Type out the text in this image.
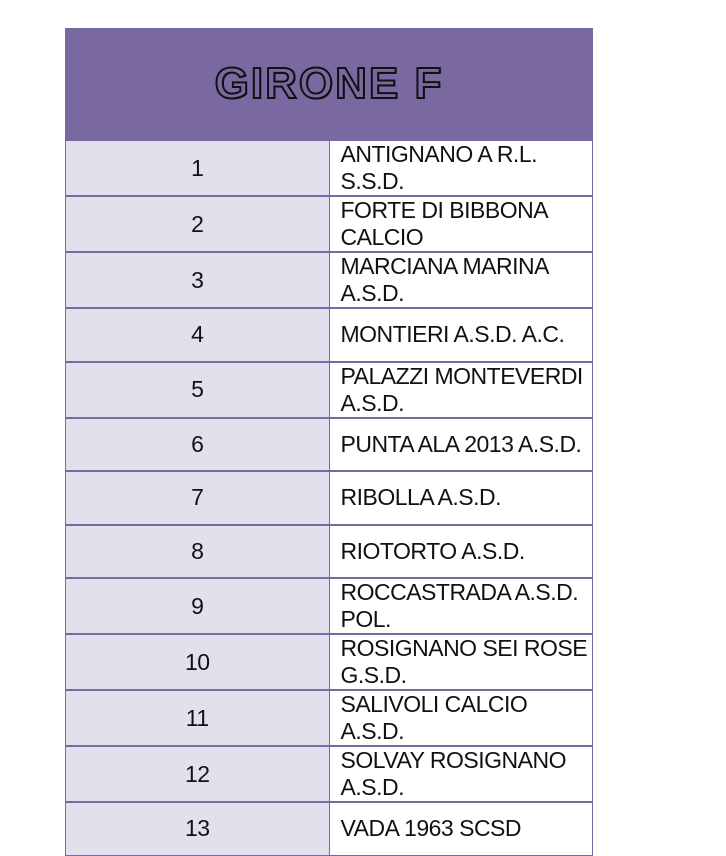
GIRONE F	
1	ANTIGNANO A R.L. S.S.D.
2	FORTE DI BIBBONA CALCIO
3	MARCIANA MARINA A.S.D.
4	MONTIERI A.S.D. A.C.
5	PALAZZI MONTEVERDI A.S.D.
6	PUNTA ALA 2013 A.S.D.
7	RIBOLLA A.S.D.
8	RIOTORTO A.S.D.
9	ROCCASTRADA A.S.D. POL.
10	ROSIGNANO SEI ROSE G.S.D.
11	SALIVOLI CALCIO A.S.D.
12	SOLVAY ROSIGNANO A.S.D.
13	VADA 1963 SCSD
